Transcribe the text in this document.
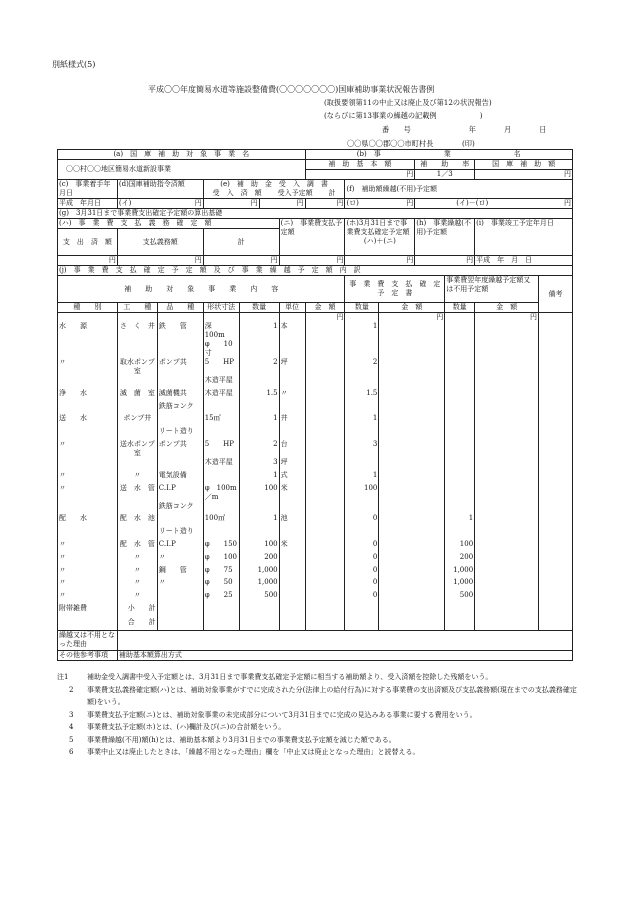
別紙様式(5)
平成〇〇年度簡易水道等施設整備費(〇〇〇〇〇〇〇)国庫補助事業状況報告書例
(取扱要領第11の中止又は廃止及び第12の状況報告)
(ならびに第13事業の繰越の記載例　　　　　　)
番　　号	年	月	日
〇〇県〇〇郡〇〇市町村長　　　　(印)
(a)　国　庫　補　助　対　象　事　業　名							(b)　事　　　　　　　　　業　　　　　　　　　名						
〇〇村〇〇地区簡易水道新設事業							補　助　基　本　額			補　　助　　率		国　庫　補　助　額	
							円			1／3		円	
(c)　事業着手年月日	(d)国庫補助指令済額		(e)　補　助　金　受　入　調　書
受　入　済　額 受入予定額 計					(f)　補助額繰越(不用)予定額					
平成　年月日	(イ) 円		円		円		円	(ロ) 円		(イ)－(ロ) 円			

(g)　3月31日まで事業費支出確定予定額の算出基礎													
(ハ)　事　業　費　支　払　義　務　確　定　額						(ニ)　事業費支払予定額		(ホ)3月31日まで事業費支払確定予定額
(ハ)＋(ニ)		(h)　事業繰越(不用)予定額		(i)　事業竣工予定年月日	
支　出　済　額	支払義務額		計										
円	円		円			円		円		円		平成　年　月　日	
(j)　事　業　費　支　払　確　定　予　定　額　及　び　事　業　繰　越　予　定　額　内　訳													
補　　助　　対　　象　　事　　業　　内　　容								事　業　費　支　払　確　定　予　定　書			事業費翌年度繰越予定額又は不用予定額		備考
種　　別	工　　種	品　　種	形状寸法	数量		単位	金　額	数量	金　額		数量	金　額	
							円		円			円	
水　　源	さ　く　井	鉄　　管	深　100m	1		本		1					
			φ　　10寸										
〃	取水ポンプ室	ポンプ共	5　　HP	2		坪		2					
			木造平屋										
浄　　水	滅　菌　室	滅菌機共	木造平屋	1.5		〃		1.5					
		鉄筋コンク											
送　　水	ポンプ井		15㎥	1		井		1					
		リート造り											
〃	送水ポンプ室	ポンプ共	5　　HP	2		台		3					
			木造平屋	3		坪							
〃	〃	電気設備		1		式		1					
〃	送　水　管	C.I.P	φ　100m／m	100		米		100					
		鉄筋コンク											
配　　水	配　水　池		100㎥	1		池		0			1		
		リート造り											
〃	配　水　管	C.I.P	φ　　150	100		米		0			100		
〃	〃	〃	φ　　100	200				0			200		
〃	〃	鋼　　管	φ　　75	1,000				0			1,000		
〃	〃	〃	φ　　50	1,000				0			1,000		
〃	〃		φ　　25	500				0			500		
附帯雑費	小　　計												
	合　　計												
繰越又は不用となった理由													
その他参考事項	補助基本額算出方式												
注1	補助金受入調書中受入予定額とは、3月31日まで事業費支払確定予定額に相当する補助額より、受入済額を控除した残額をいう。
2 事業費支払義務確定額(ハ)とは、補助対象事業がすでに完成された分(法律上の給付行為)に対する事業費の支出済額及び支払義務額(現在までの支払義務確定額)をいう。
3 事業費支払予定額(ニ)とは、補助対象事業の未完成部分について3月31日までに完成の見込みある事業に要する費用をいう。
4 事業費支払予定額(ホ)とは、(ハ)欄計及び(ニ)の合計額をいう。
5 事業費繰越(不用)額(h)とは、補助基本額より3月31日までの事業費支払予定額を減じた額である。
6 事業中止又は廃止したときは、「繰越不用となった理由」欄を「中止又は廃止となった理由」と読替える。
